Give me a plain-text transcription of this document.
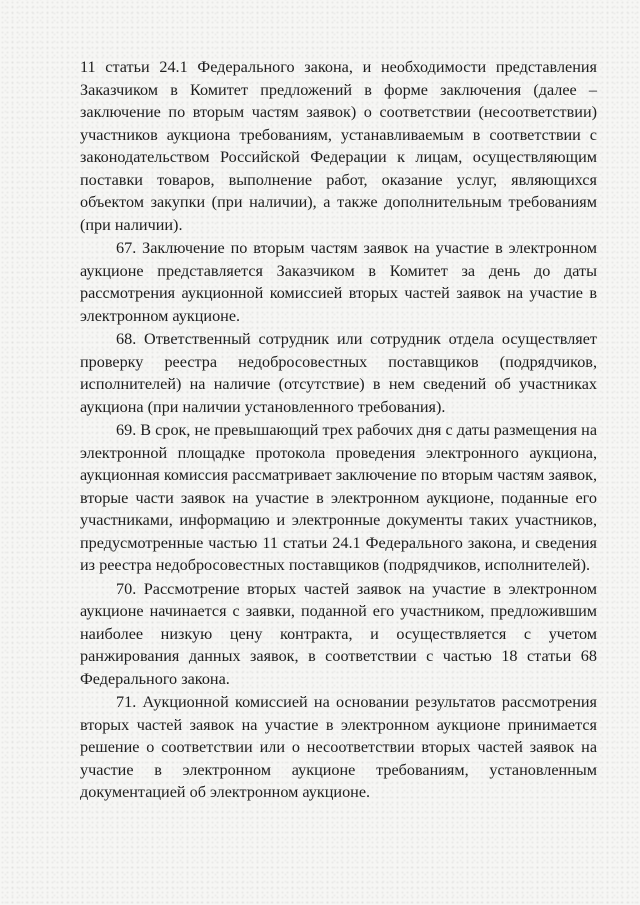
11 статьи 24.1 Федерального закона, и необходимости представления Заказчиком в Комитет предложений в форме заключения (далее – заключение по вторым частям заявок) о соответствии (несоответствии) участников аукциона требованиям, устанавливаемым в соответствии с законодательством Российской Федерации к лицам, осуществляющим поставки товаров, выполнение работ, оказание услуг, являющихся объектом закупки (при наличии), а также дополнительным требованиям (при наличии).

67. Заключение по вторым частям заявок на участие в электронном аукционе представляется Заказчиком в Комитет за день до даты рассмотрения аукционной комиссией вторых частей заявок на участие в электронном аукционе.

68. Ответственный сотрудник или сотрудник отдела осуществляет проверку реестра недобросовестных поставщиков (подрядчиков, исполнителей) на наличие (отсутствие) в нем сведений об участниках аукциона (при наличии установленного требования).

69. В срок, не превышающий трех рабочих дня с даты размещения на электронной площадке протокола проведения электронного аукциона, аукционная комиссия рассматривает заключение по вторым частям заявок, вторые части заявок на участие в электронном аукционе, поданные его участниками, информацию и электронные документы таких участников, предусмотренные частью 11 статьи 24.1 Федерального закона, и сведения из реестра недобросовестных поставщиков (подрядчиков, исполнителей).

70. Рассмотрение вторых частей заявок на участие в электронном аукционе начинается с заявки, поданной его участником, предложившим наиболее низкую цену контракта, и осуществляется с учетом ранжирования данных заявок, в соответствии с частью 18 статьи 68 Федерального закона.

71. Аукционной комиссией на основании результатов рассмотрения вторых частей заявок на участие в электронном аукционе принимается решение о соответствии или о несоответствии вторых частей заявок на участие в электронном аукционе требованиям, установленным документацией об электронном аукционе.
